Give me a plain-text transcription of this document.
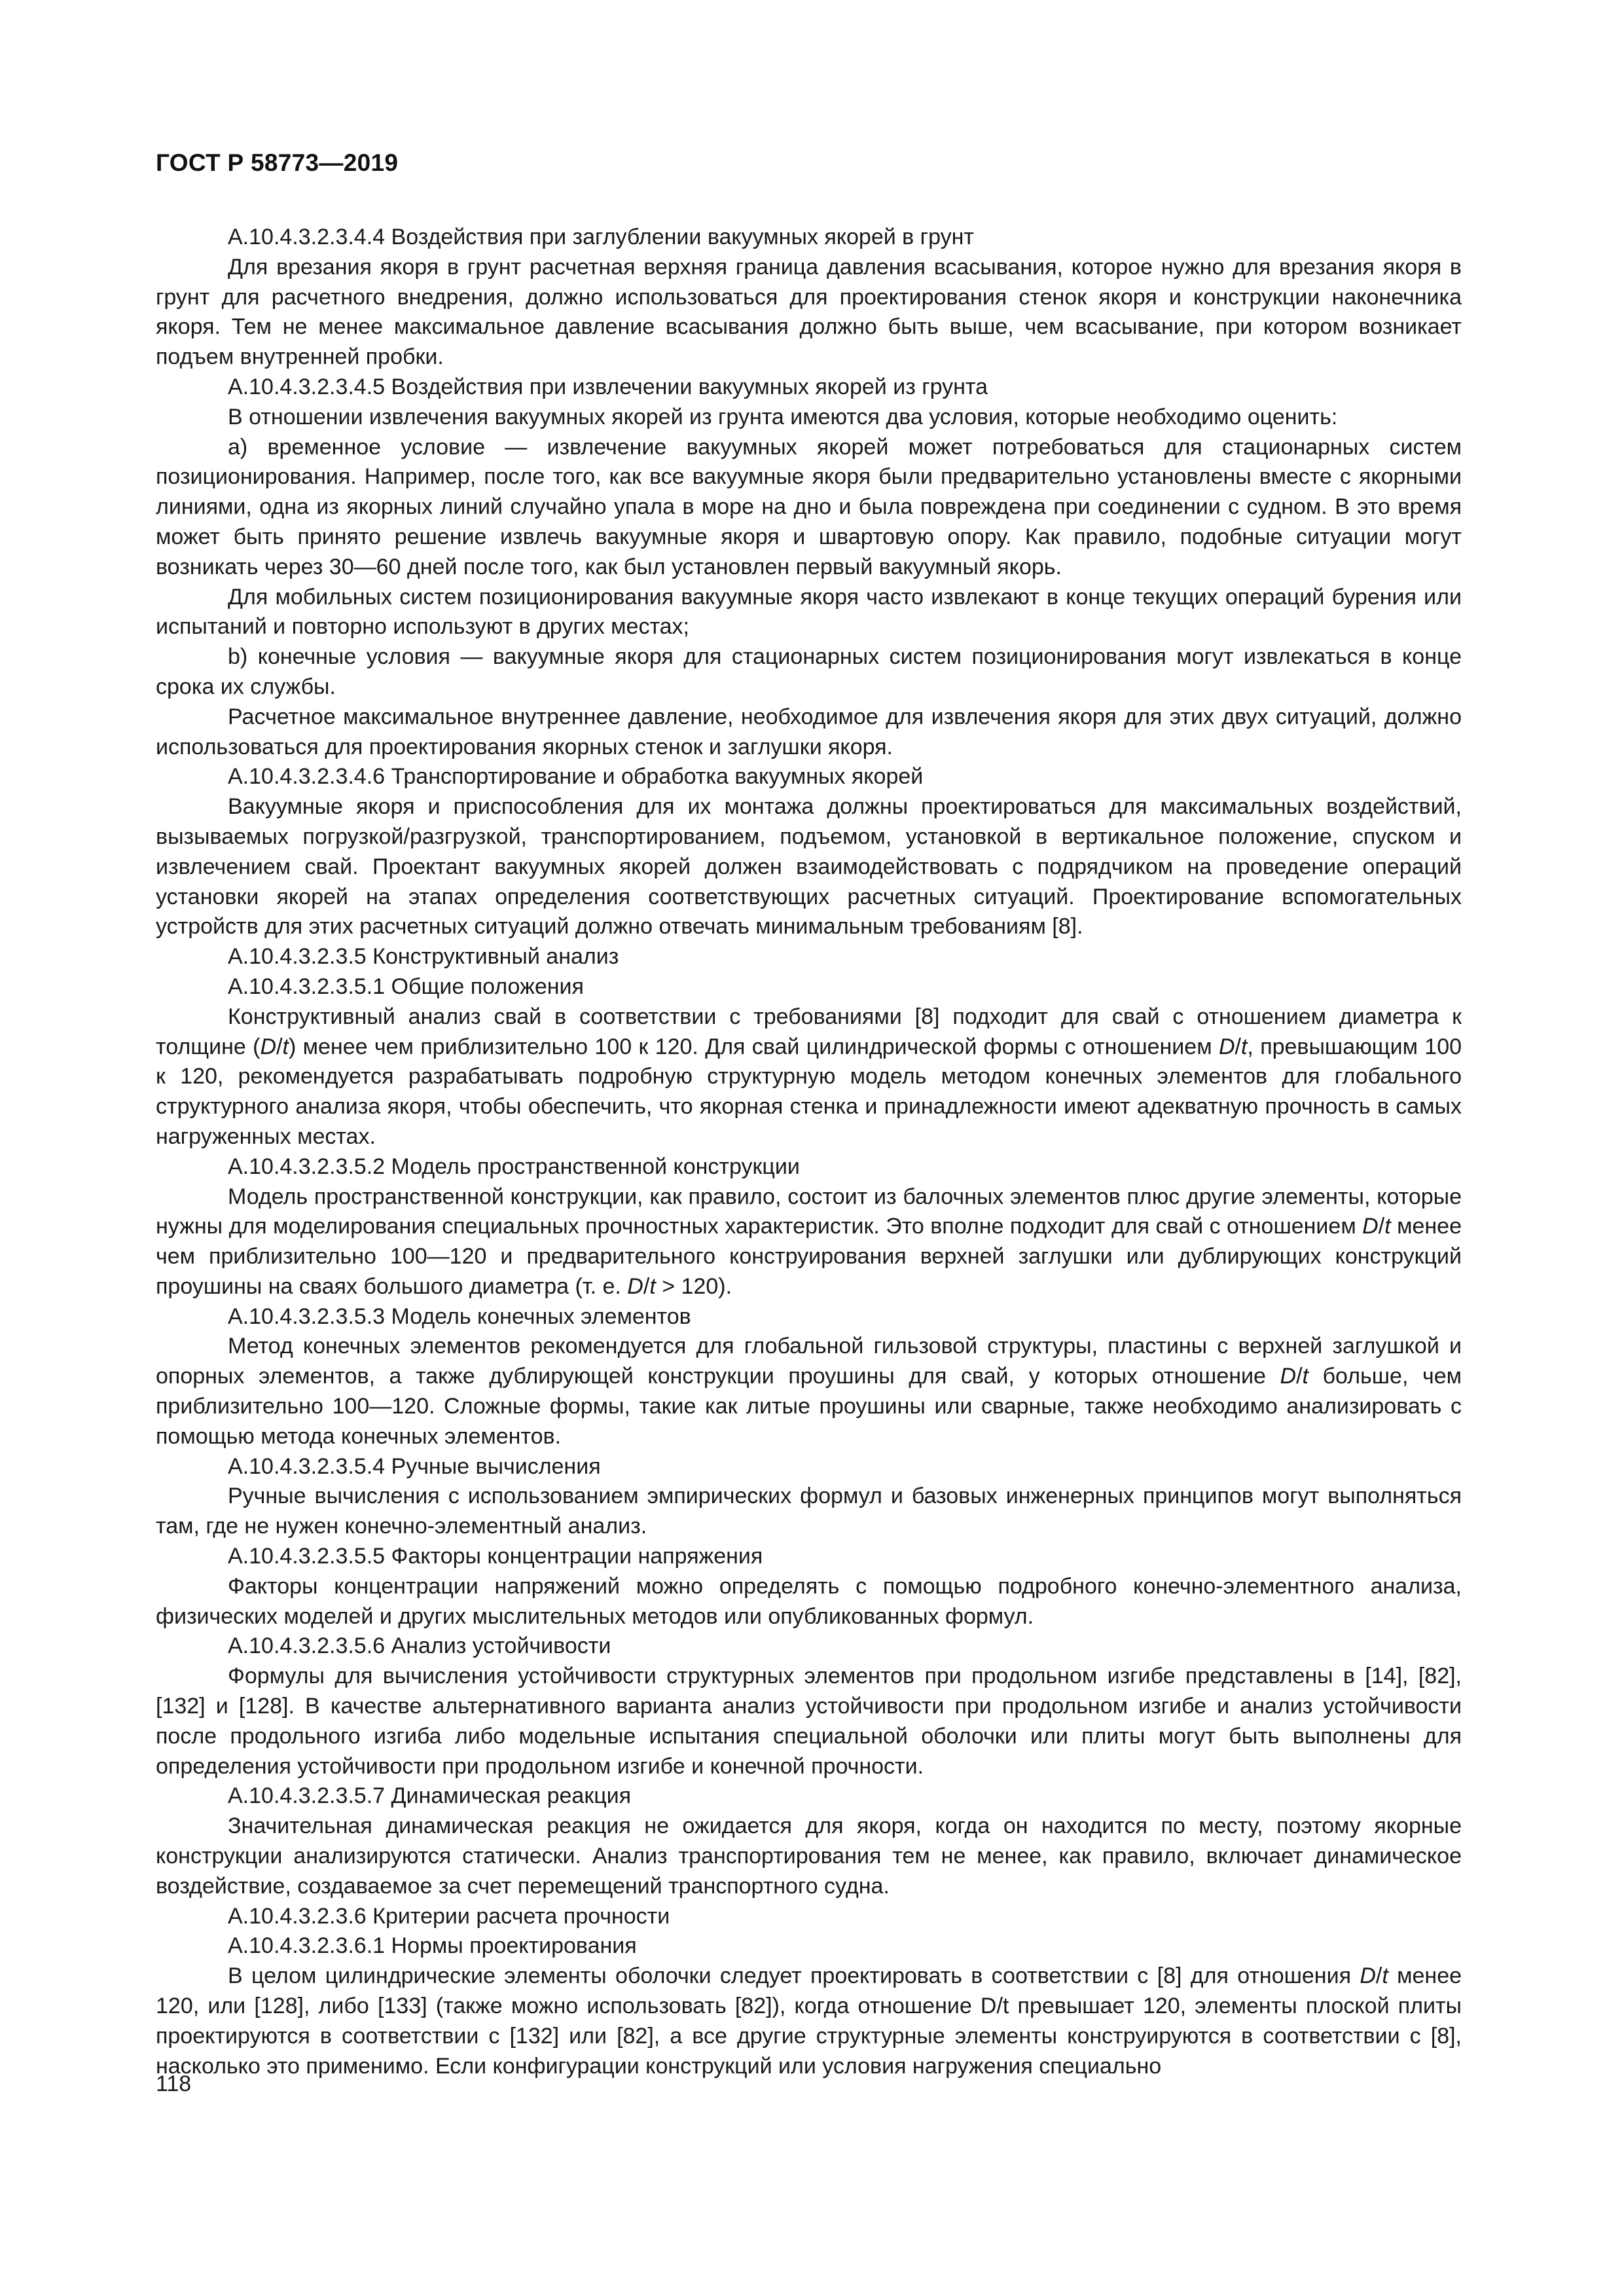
ГОСТ Р 58773—2019

A.10.4.3.2.3.4.4 Воздействия при заглублении вакуумных якорей в грунт

Для врезания якоря в грунт расчетная верхняя граница давления всасывания, которое нужно для врезания якоря в грунт для расчетного внедрения, должно использоваться для проектирования стенок якоря и конструкции наконечника якоря. Тем не менее максимальное давление всасывания должно быть выше, чем всасывание, при котором возникает подъем внутренней пробки.

A.10.4.3.2.3.4.5 Воздействия при извлечении вакуумных якорей из грунта

В отношении извлечения вакуумных якорей из грунта имеются два условия, которые необходимо оценить:

a) временное условие — извлечение вакуумных якорей может потребоваться для стационарных систем позиционирования. Например, после того, как все вакуумные якоря были предварительно установлены вместе с якорными линиями, одна из якорных линий случайно упала в море на дно и была повреждена при соединении с судном. В это время может быть принято решение извлечь вакуумные якоря и швартовую опору. Как правило, подобные ситуации могут возникать через 30—60 дней после того, как был установлен первый вакуумный якорь.

Для мобильных систем позиционирования вакуумные якоря часто извлекают в конце текущих операций бурения или испытаний и повторно используют в других местах;

b) конечные условия — вакуумные якоря для стационарных систем позиционирования могут извлекаться в конце срока их службы.

Расчетное максимальное внутреннее давление, необходимое для извлечения якоря для этих двух ситуаций, должно использоваться для проектирования якорных стенок и заглушки якоря.

A.10.4.3.2.3.4.6 Транспортирование и обработка вакуумных якорей

Вакуумные якоря и приспособления для их монтажа должны проектироваться для максимальных воздействий, вызываемых погрузкой/разгрузкой, транспортированием, подъемом, установкой в вертикальное положение, спуском и извлечением свай. Проектант вакуумных якорей должен взаимодействовать с подрядчиком на проведение операций установки якорей на этапах определения соответствующих расчетных ситуаций. Проектирование вспомогательных устройств для этих расчетных ситуаций должно отвечать минимальным требованиям [8].

A.10.4.3.2.3.5 Конструктивный анализ

A.10.4.3.2.3.5.1 Общие положения

Конструктивный анализ свай в соответствии с требованиями [8] подходит для свай с отношением диаметра к толщине (D/t) менее чем приблизительно 100 к 120. Для свай цилиндрической формы с отношением D/t, превышающим 100 к 120, рекомендуется разрабатывать подробную структурную модель методом конечных элементов для глобального структурного анализа якоря, чтобы обеспечить, что якорная стенка и принадлежности имеют адекватную прочность в самых нагруженных местах.

A.10.4.3.2.3.5.2 Модель пространственной конструкции

Модель пространственной конструкции, как правило, состоит из балочных элементов плюс другие элементы, которые нужны для моделирования специальных прочностных характеристик. Это вполне подходит для свай с отношением D/t менее чем приблизительно 100—120 и предварительного конструирования верхней заглушки или дублирующих конструкций проушины на сваях большого диаметра (т. е. D/t > 120).

A.10.4.3.2.3.5.3 Модель конечных элементов

Метод конечных элементов рекомендуется для глобальной гильзовой структуры, пластины с верхней заглушкой и опорных элементов, а также дублирующей конструкции проушины для свай, у которых отношение D/t больше, чем приблизительно 100—120. Сложные формы, такие как литые проушины или сварные, также необходимо анализировать с помощью метода конечных элементов.

A.10.4.3.2.3.5.4 Ручные вычисления

Ручные вычисления с использованием эмпирических формул и базовых инженерных принципов могут выполняться там, где не нужен конечно-элементный анализ.

A.10.4.3.2.3.5.5 Факторы концентрации напряжения

Факторы концентрации напряжений можно определять с помощью подробного конечно-элементного анализа, физических моделей и других мыслительных методов или опубликованных формул.

A.10.4.3.2.3.5.6 Анализ устойчивости

Формулы для вычисления устойчивости структурных элементов при продольном изгибе представлены в [14], [82], [132] и [128]. В качестве альтернативного варианта анализ устойчивости при продольном изгибе и анализ устойчивости после продольного изгиба либо модельные испытания специальной оболочки или плиты могут быть выполнены для определения устойчивости при продольном изгибе и конечной прочности.

A.10.4.3.2.3.5.7 Динамическая реакция

Значительная динамическая реакция не ожидается для якоря, когда он находится по месту, поэтому якорные конструкции анализируются статически. Анализ транспортирования тем не менее, как правило, включает динамическое воздействие, создаваемое за счет перемещений транспортного судна.

A.10.4.3.2.3.6 Критерии расчета прочности

A.10.4.3.2.3.6.1 Нормы проектирования

В целом цилиндрические элементы оболочки следует проектировать в соответствии с [8] для отношения D/t менее 120, или [128], либо [133] (также можно использовать [82]), когда отношение D/t превышает 120, элементы плоской плиты проектируются в соответствии с [132] или [82], а все другие структурные элементы конструируются в соответствии с [8], насколько это применимо. Если конфигурации конструкций или условия нагружения специально

118
